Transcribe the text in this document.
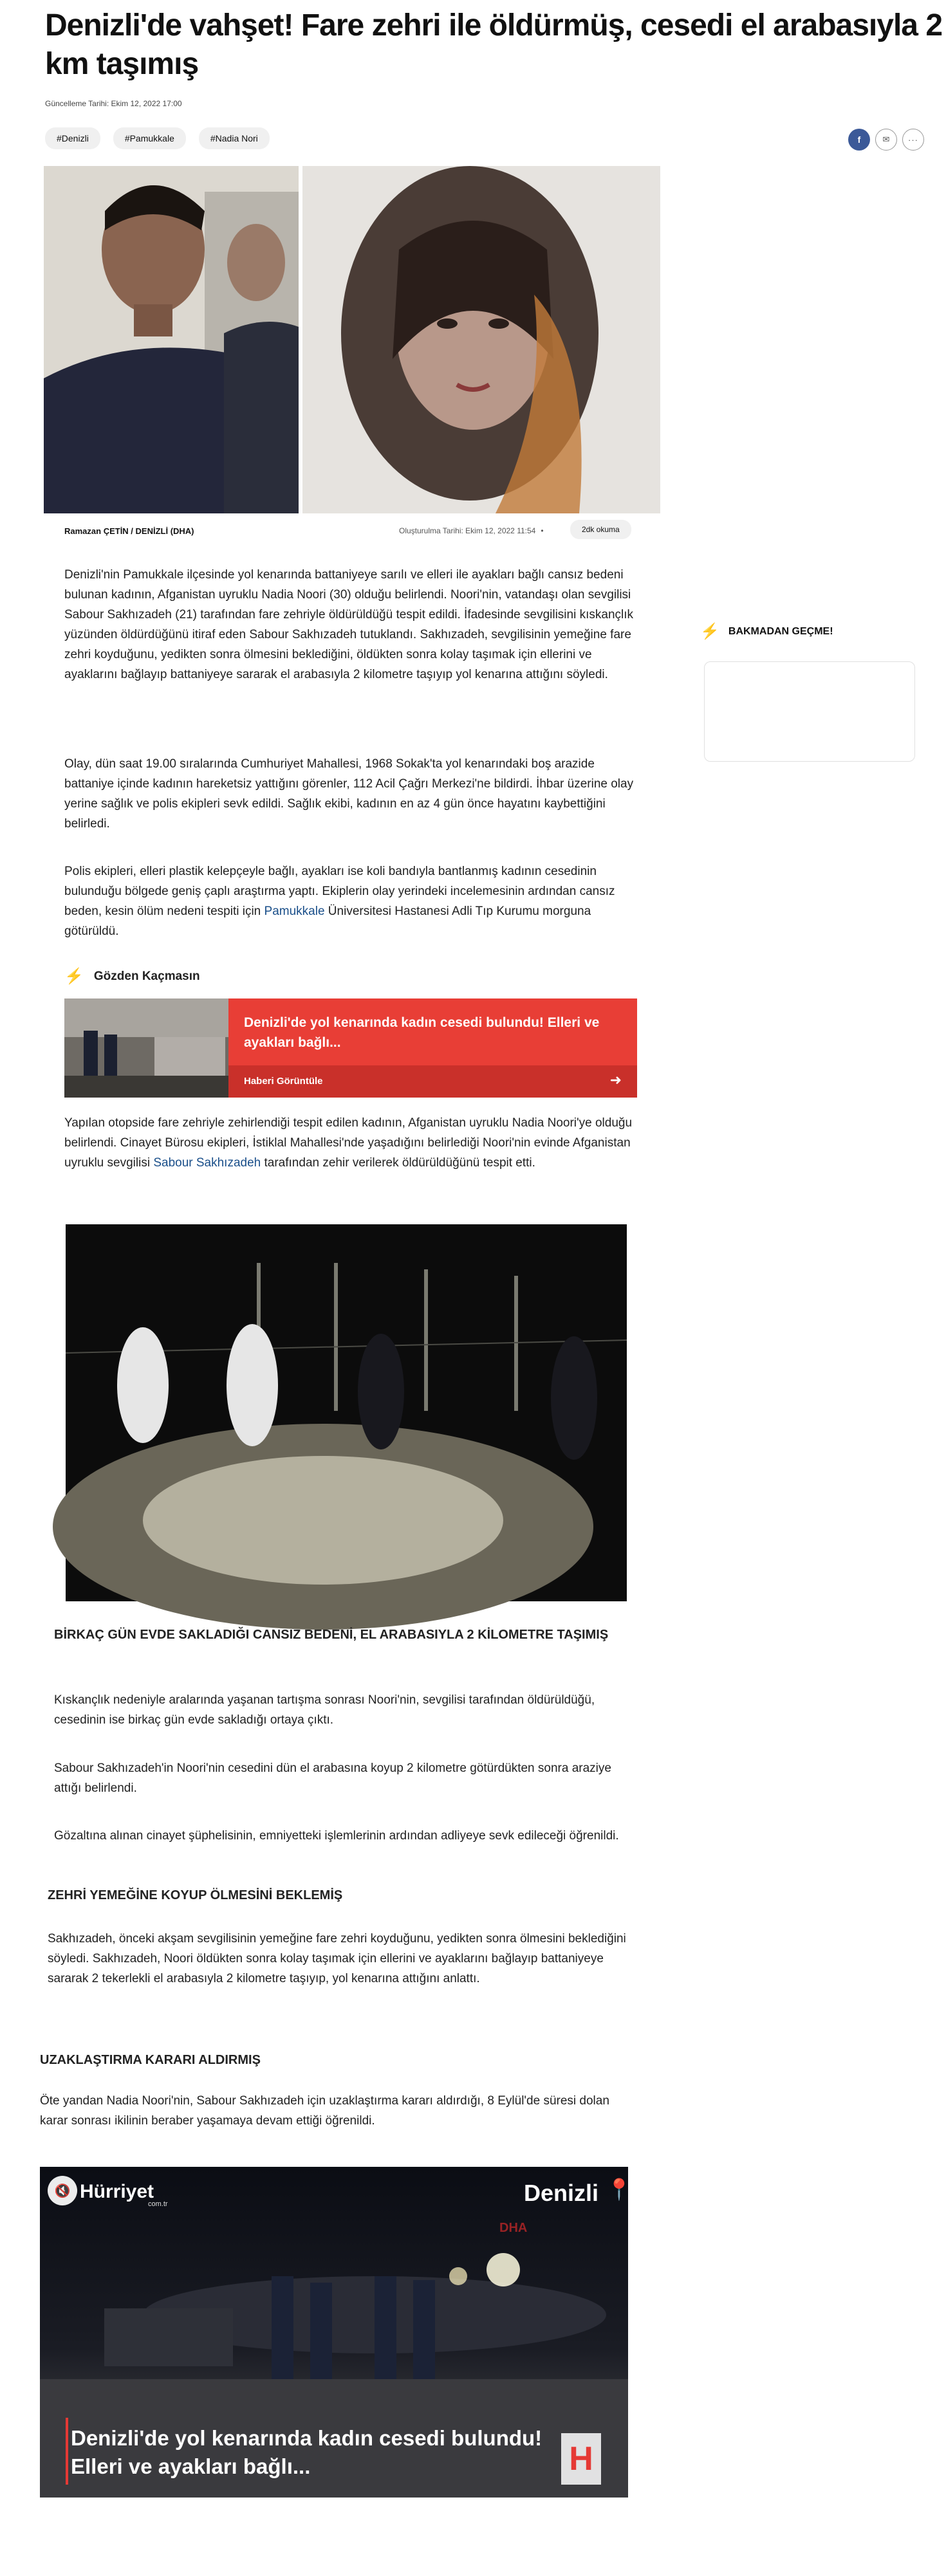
Denizli'de vahşet! Fare zehri ile öldürmüş, cesedi el arabasıyla 2 km taşımış
Güncelleme Tarihi: Ekim 12, 2022 17:00
#Denizli	#Pamukkale	#Nadia Nori	f	✉	···
Ramazan ÇETİN / DENİZLİ (DHA)	Oluşturulma Tarihi: Ekim 12, 2022 11:54 •	2dk okuma

Denizli'nin Pamukkale ilçesinde yol kenarında battaniyeye sarılı ve elleri ile ayakları bağlı cansız bedeni bulunan kadının, Afganistan uyruklu Nadia Noori (30) olduğu belirlendi. Noori'nin, vatandaşı olan sevgilisi Sabour Sakhızadeh (21) tarafından fare zehriyle öldürüldüğü tespit edildi. İfadesinde sevgilisini kıskançlık yüzünden öldürdüğünü itiraf eden Sabour Sakhızadeh tutuklandı. Sakhızadeh, sevgilisinin yemeğine fare zehri koyduğunu, yedikten sonra ölmesini beklediğini, öldükten sonra kolay taşımak için ellerini ve ayaklarını bağlayıp battaniyeye sararak el arabasıyla 2 kilometre taşıyıp yol kenarına attığını söyledi.

Olay, dün saat 19.00 sıralarında Cumhuriyet Mahallesi, 1968 Sokak'ta yol kenarındaki boş arazide battaniye içinde kadının hareketsiz yattığını görenler, 112 Acil Çağrı Merkezi'ne bildirdi. İhbar üzerine olay yerine sağlık ve polis ekipleri sevk edildi. Sağlık ekibi, kadının en az 4 gün önce hayatını kaybettiğini belirledi.

Polis ekipleri, elleri plastik kelepçeyle bağlı, ayakları ise koli bandıyla bantlanmış kadının cesedinin bulunduğu bölgede geniş çaplı araştırma yaptı. Ekiplerin olay yerindeki incelemesinin ardından cansız beden, kesin ölüm nedeni tespiti için Pamukkale Üniversitesi Hastanesi Adli Tıp Kurumu morguna götürüldü.

⚡ Gözden Kaçmasın
Denizli'de yol kenarında kadın cesedi bulundu! Elleri ve ayakları bağlı...
Haberi Görüntüle	➜

Yapılan otopside fare zehriyle zehirlendiği tespit edilen kadının, Afganistan uyruklu Nadia Noori'ye olduğu belirlendi. Cinayet Bürosu ekipleri, İstiklal Mahallesi'nde yaşadığını belirlediği Noori'nin evinde Afganistan uyruklu sevgilisi Sabour Sakhızadeh tarafından zehir verilerek öldürüldüğünü tespit etti.

BİRKAÇ GÜN EVDE SAKLADIĞI CANSIZ BEDENİ, EL ARABASIYLA 2 KİLOMETRE TAŞIMIŞ

Kıskançlık nedeniyle aralarında yaşanan tartışma sonrası Noori'nin, sevgilisi tarafından öldürüldüğü, cesedinin ise birkaç gün evde sakladığı ortaya çıktı.

Sabour Sakhızadeh'in Noori'nin cesedini dün el arabasına koyup 2 kilometre götürdükten sonra araziye attığı belirlendi.

Gözaltına alınan cinayet şüphelisinin, emniyetteki işlemlerinin ardından adliyeye sevk edileceği öğrenildi.

ZEHRİ YEMEĞİNE KOYUP ÖLMESİNİ BEKLEMİŞ

Sakhızadeh, önceki akşam sevgilisinin yemeğine fare zehri koyduğunu, yedikten sonra ölmesini beklediğini söyledi. Sakhızadeh, Noori öldükten sonra kolay taşımak için ellerini ve ayaklarını bağlayıp battaniyeye sararak 2 tekerlekli el arabasıyla 2 kilometre taşıyıp, yol kenarına attığını anlattı.

UZAKLAŞTIRMA KARARI ALDIRMIŞ

Öte yandan Nadia Noori'nin, Sabour Sakhızadeh için uzaklaştırma kararı aldırdığı, 8 Eylül'de süresi dolan karar sonrası ikilinin beraber yaşamaya devam ettiği öğrenildi.

🔇 Hürriyet
com.tr	Denizli 📍
DHA
Denizli'de yol kenarında kadın cesedi bulundu! Elleri ve ayakları bağlı...	H
⚡ BAKMADAN GEÇME!
